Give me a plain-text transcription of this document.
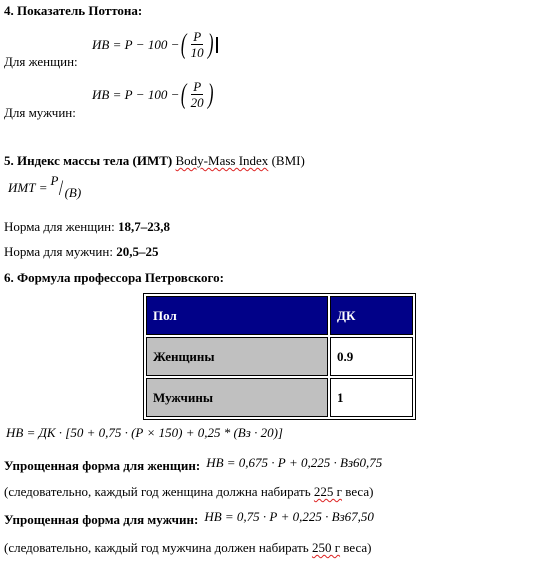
4. Показатель Поттона:
ИВ = Р − 100 − ( $\frac{Р}{10}$ )
Для женщин:
ИВ = Р − 100 − ( $\frac{Р}{20}$ )
Для мужчин:
5. Индекс массы тела (ИМТ) Body-Mass Index (BMI)
ИМТ = Р / (В)
Норма для женщин: 18,7–23,8
Норма для мужчин: 20,5–25
6. Формула профессора Петровского:
Пол	ДК
Женщины	0.9
Мужчины	1
НВ = ДК · [50 + 0,75 · (Р × 150) + 0,25 * (Вз · 20)]
Упрощенная форма для женщин: НВ = 0,675 · Р + 0,225 · Вз60,75
(следовательно, каждый год женщина должна набирать 225 г веса)
Упрощенная форма для мужчин: НВ = 0,75 · Р + 0,225 · Вз67,50
(следовательно, каждый год мужчина должен набирать 250 г веса)
